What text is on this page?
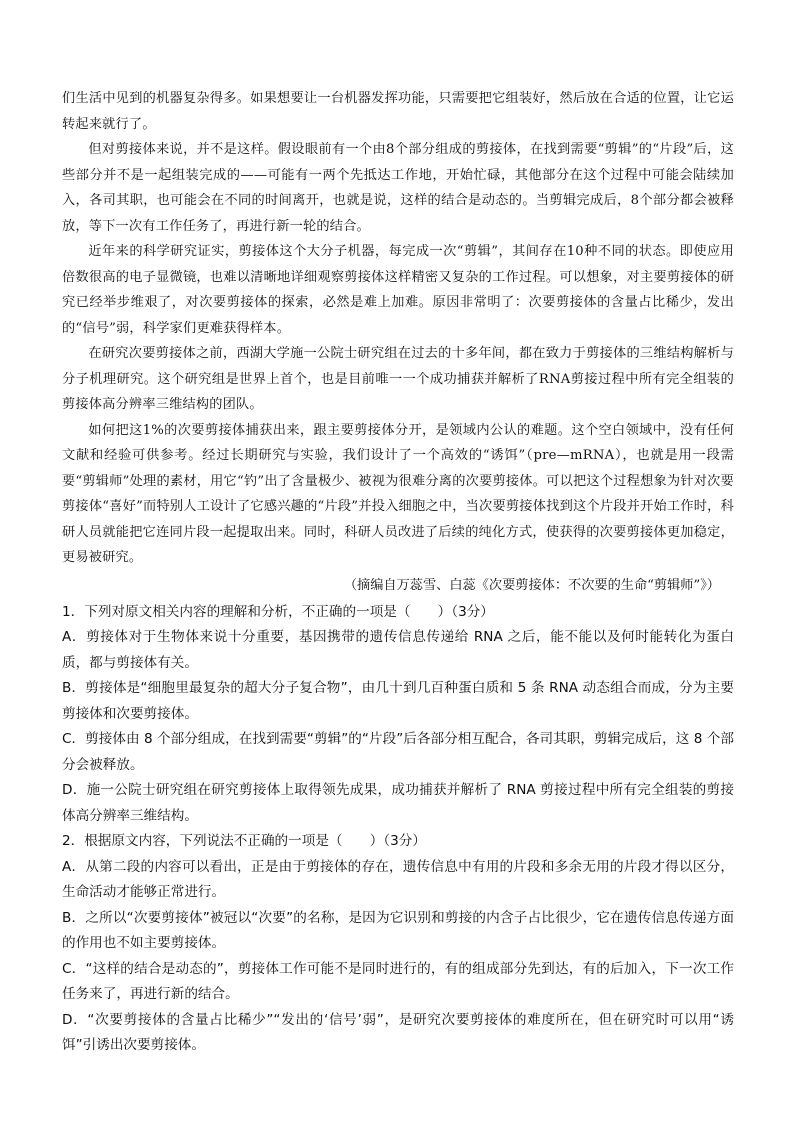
们生活中见到的机器复杂得多。如果想要让一台机器发挥功能，只需要把它组装好，然后放在合适的位置，让它运转起来就行了。

但对剪接体来说，并不是这样。假设眼前有一个由8个部分组成的剪接体，在找到需要“剪辑”的“片段”后，这些部分并不是一起组装完成的——可能有一两个先抵达工作地，开始忙碌，其他部分在这个过程中可能会陆续加入，各司其职，也可能会在不同的时间离开，也就是说，这样的结合是动态的。当剪辑完成后，8个部分都会被释放，等下一次有工作任务了，再进行新一轮的结合。

近年来的科学研究证实，剪接体这个大分子机器，每完成一次“剪辑”，其间存在10种不同的状态。即使应用倍数很高的电子显微镜，也难以清晰地详细观察剪接体这样精密又复杂的工作过程。可以想象，对主要剪接体的研究已经举步维艰了，对次要剪接体的探索，必然是难上加难。原因非常明了：次要剪接体的含量占比稀少，发出的“信号”弱，科学家们更难获得样本。

在研究次要剪接体之前，西湖大学施一公院士研究组在过去的十多年间，都在致力于剪接体的三维结构解析与分子机理研究。这个研究组是世界上首个，也是目前唯一一个成功捕获并解析了RNA剪接过程中所有完全组装的剪接体高分辨率三维结构的团队。

如何把这1%的次要剪接体捕获出来，跟主要剪接体分开，是领域内公认的难题。这个空白领域中，没有任何文献和经验可供参考。经过长期研究与实验，我们设计了一个高效的“诱饵”（pre—mRNA），也就是用一段需要“剪辑师”处理的素材，用它“钓”出了含量极少、被视为很难分离的次要剪接体。可以把这个过程想象为针对次要剪接体“喜好”而特别人工设计了它感兴趣的“片段”并投入细胞之中，当次要剪接体找到这个片段并开始工作时，科研人员就能把它连同片段一起提取出来。同时，科研人员改进了后续的纯化方式，使获得的次要剪接体更加稳定，更易被研究。

（摘编自万蕊雪、白蕊《次要剪接体：不次要的生命“剪辑师”》）

1．下列对原文相关内容的理解和分析，不正确的一项是（　　）（3分）

A．剪接体对于生物体来说十分重要，基因携带的遗传信息传递给 RNA 之后，能不能以及何时能转化为蛋白质，都与剪接体有关。

B．剪接体是“细胞里最复杂的超大分子复合物”，由几十到几百种蛋白质和 5 条 RNA 动态组合而成，分为主要剪接体和次要剪接体。

C．剪接体由 8 个部分组成，在找到需要“剪辑”的“片段”后各部分相互配合，各司其职，剪辑完成后，这 8 个部分会被释放。

D．施一公院士研究组在研究剪接体上取得领先成果，成功捕获并解析了 RNA 剪接过程中所有完全组装的剪接体高分辨率三维结构。

2．根据原文内容，下列说法不正确的一项是（　　）（3分）

A．从第二段的内容可以看出，正是由于剪接体的存在，遗传信息中有用的片段和多余无用的片段才得以区分，生命活动才能够正常进行。

B．之所以“次要剪接体”被冠以“次要”的名称，是因为它识别和剪接的内含子占比很少，它在遗传信息传递方面的作用也不如主要剪接体。

C．“这样的结合是动态的”，剪接体工作可能不是同时进行的，有的组成部分先到达，有的后加入，下一次工作任务来了，再进行新的结合。

D．“次要剪接体的含量占比稀少”“发出的‘信号’弱”，是研究次要剪接体的难度所在，但在研究时可以用“诱饵”引诱出次要剪接体。
